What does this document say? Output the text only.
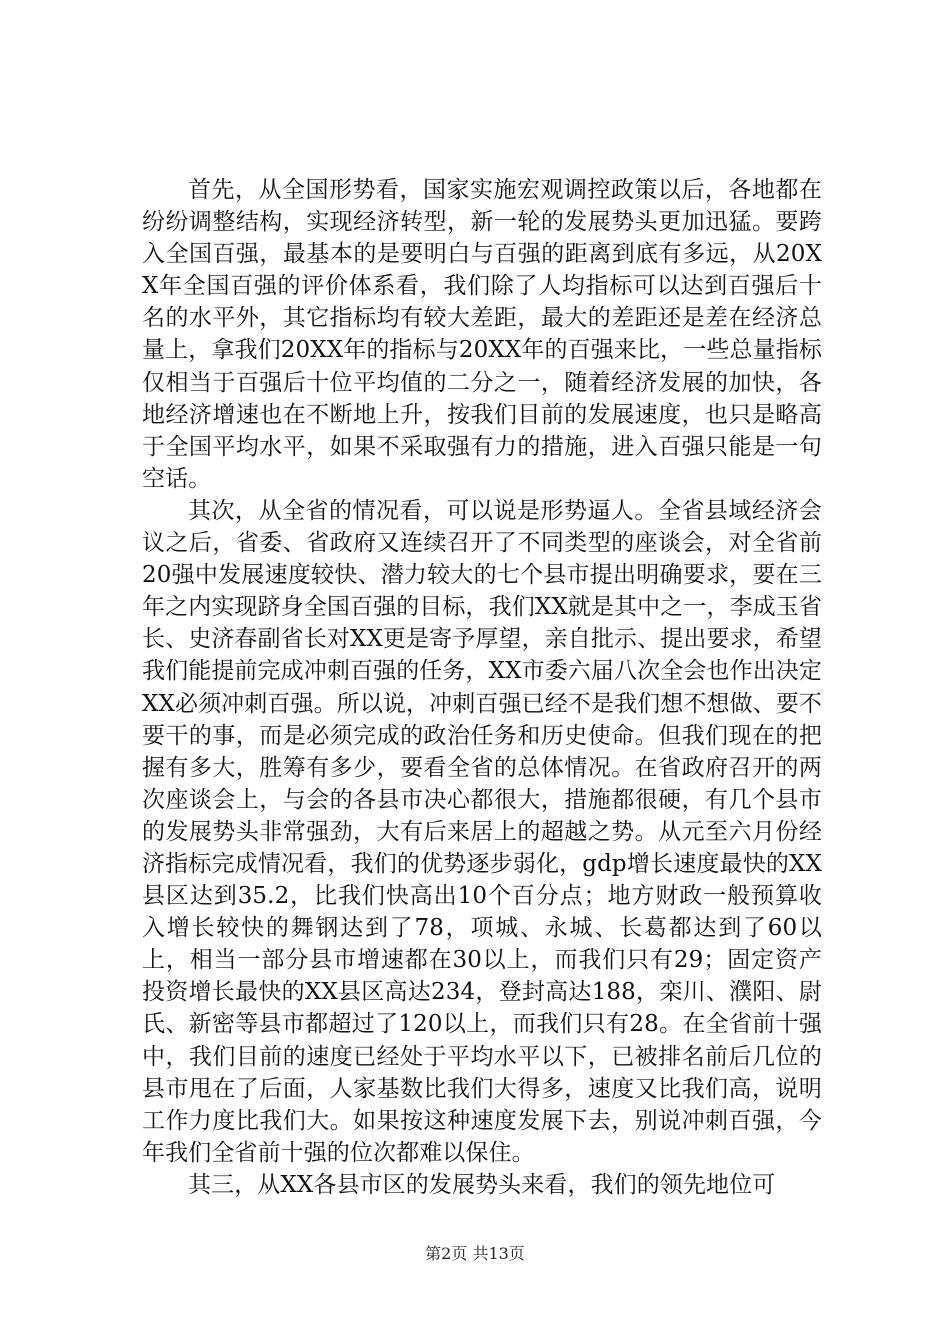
首先，从全国形势看，国家实施宏观调控政策以后，各地都在纷纷调整结构，实现经济转型，新一轮的发展势头更加迅猛。要跨入全国百强，最基本的是要明白与百强的距离到底有多远，从20XX年全国百强的评价体系看，我们除了人均指标可以达到百强后十名的水平外，其它指标均有较大差距，最大的差距还是差在经济总量上，拿我们20XX年的指标与20XX年的百强来比，一些总量指标仅相当于百强后十位平均值的二分之一，随着经济发展的加快，各地经济增速也在不断地上升，按我们目前的发展速度，也只是略高于全国平均水平，如果不采取强有力的措施，进入百强只能是一句空话。

其次，从全省的情况看，可以说是形势逼人。全省县域经济会议之后，省委、省政府又连续召开了不同类型的座谈会，对全省前20强中发展速度较快、潜力较大的七个县市提出明确要求，要在三年之内实现跻身全国百强的目标，我们XX就是其中之一，李成玉省长、史济春副省长对XX更是寄予厚望，亲自批示、提出要求，希望我们能提前完成冲刺百强的任务，XX市委六届八次全会也作出决定XX必须冲刺百强。所以说，冲刺百强已经不是我们想不想做、要不要干的事，而是必须完成的政治任务和历史使命。但我们现在的把握有多大，胜筹有多少，要看全省的总体情况。在省政府召开的两次座谈会上，与会的各县市决心都很大，措施都很硬，有几个县市的发展势头非常强劲，大有后来居上的超越之势。从元至六月份经济指标完成情况看，我们的优势逐步弱化，gdp增长速度最快的XX县区达到35.2，比我们快高出10个百分点；地方财政一般预算收入增长较快的舞钢达到了78，项城、永城、长葛都达到了60以上，相当一部分县市增速都在30以上，而我们只有29；固定资产投资增长最快的XX县区高达234，登封高达188，栾川、濮阳、尉氏、新密等县市都超过了120以上，而我们只有28。在全省前十强中，我们目前的速度已经处于平均水平以下，已被排名前后几位的县市甩在了后面，人家基数比我们大得多，速度又比我们高，说明工作力度比我们大。如果按这种速度发展下去，别说冲刺百强，今年我们全省前十强的位次都难以保住。

其三，从XX各县市区的发展势头来看，我们的领先地位可

第2页 共13页
